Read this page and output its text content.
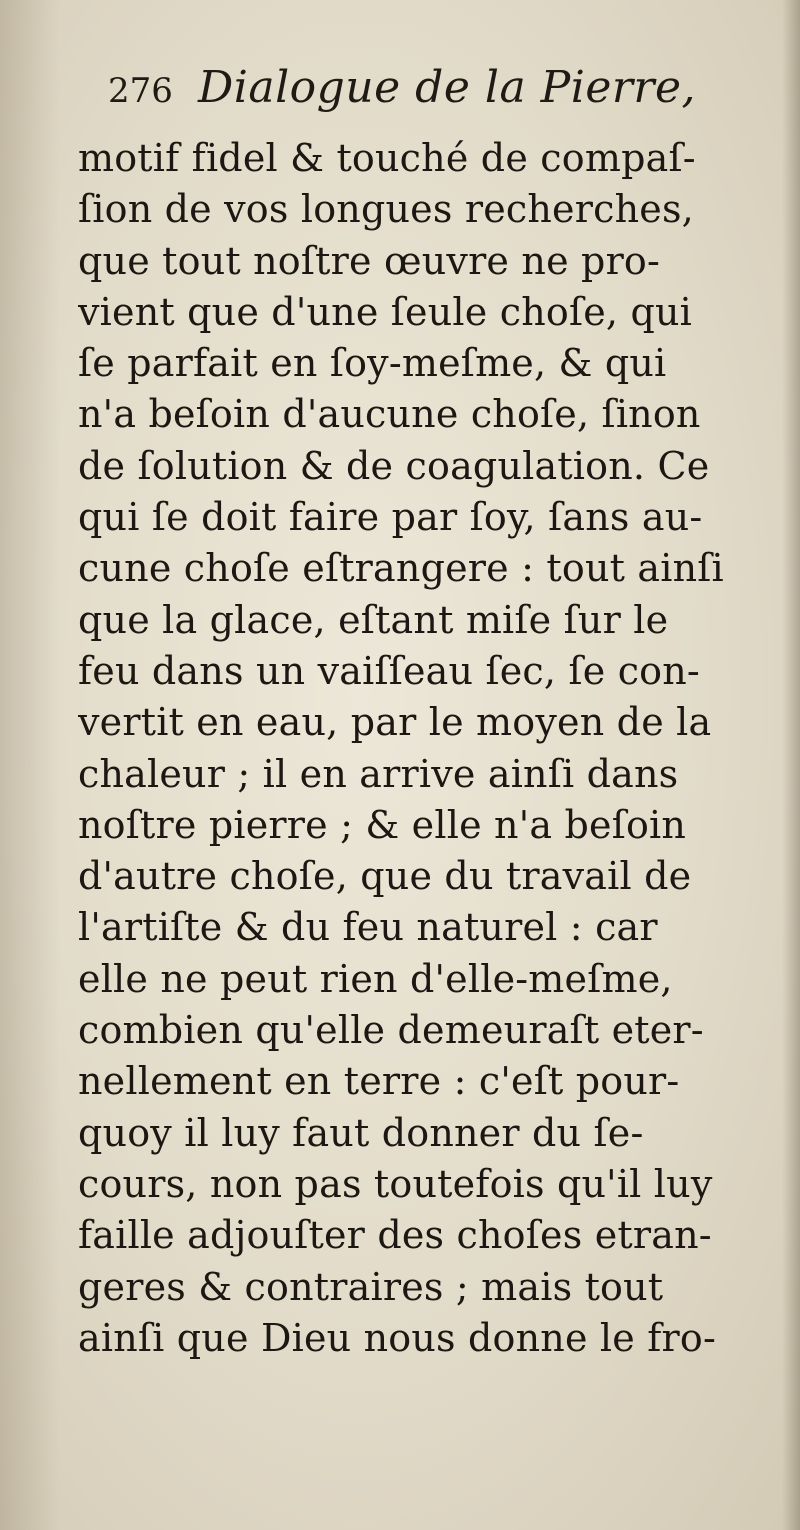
276 Dialogue de la Pierre,
motif fidel & touché de compaſ-
ſion de vos longues recherches,
que tout noſtre œuvre ne pro-
vient que d'une ſeule choſe, qui
ſe parfait en ſoy-meſme, & qui
n'a beſoin d'aucune choſe, ſinon
de ſolution & de coagulation. Ce
qui ſe doit faire par ſoy, ſans au-
cune choſe eſtrangere : tout ainſi
que la glace, eſtant miſe ſur le
feu dans un vaiſſeau ſec, ſe con-
vertit en eau, par le moyen de la
chaleur ; il en arrive ainſi dans
noſtre pierre ; & elle n'a beſoin
d'autre choſe, que du travail de
l'artiſte & du feu naturel : car
elle ne peut rien d'elle-meſme,
combien qu'elle demeuraſt eter-
nellement en terre : c'eſt pour-
quoy il luy faut donner du ſe-
cours, non pas toutefois qu'il luy
faille adjouſter des choſes etran-
geres & contraires ; mais tout
ainſi que Dieu nous donne le fro-
